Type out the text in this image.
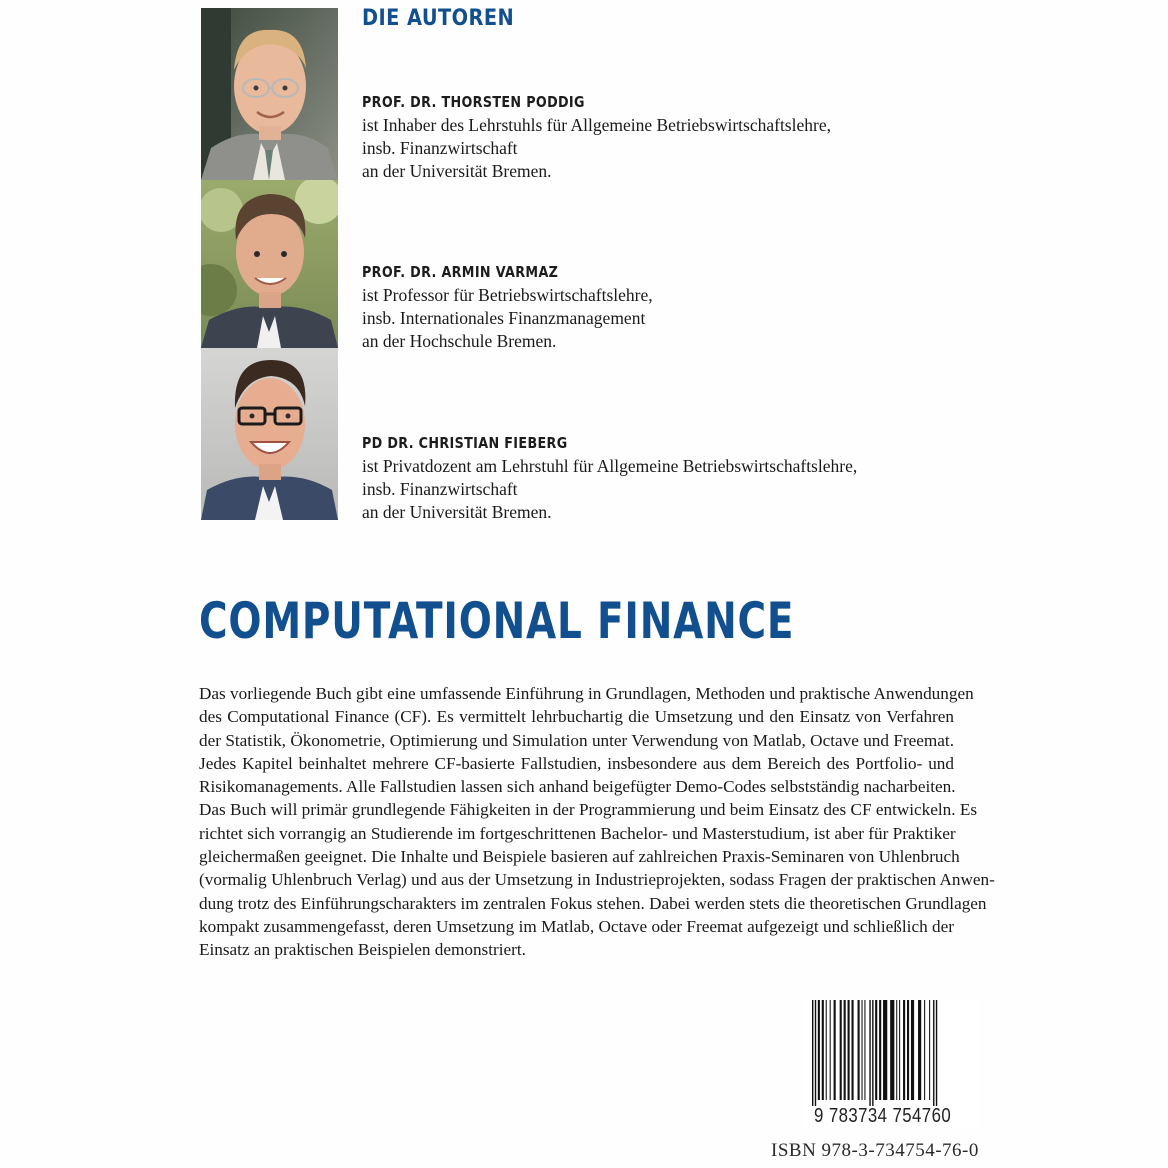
DIE AUTOREN
PROF. DR. THORSTEN PODDIG
ist Inhaber des Lehrstuhls für Allgemeine Betriebswirtschaftslehre,
insb. Finanzwirtschaft
an der Universität Bremen.
PROF. DR. ARMIN VARMAZ
ist Professor für Betriebswirtschaftslehre,
insb. Internationales Finanzmanagement
an der Hochschule Bremen.
PD DR. CHRISTIAN FIEBERG
ist Privatdozent am Lehrstuhl für Allgemeine Betriebswirtschaftslehre,
insb. Finanzwirtschaft
an der Universität Bremen.
COMPUTATIONAL FINANCE
Das vorliegende Buch gibt eine umfassende Einführung in Grundlagen, Methoden und praktische Anwendungen
des Computational Finance (CF). Es vermittelt lehrbuchartig die Umsetzung und den Einsatz von Verfahren
der Statistik, Ökonometrie, Optimierung und Simulation unter Verwendung von Matlab, Octave und Freemat.
Jedes Kapitel beinhaltet mehrere CF-basierte Fallstudien, insbesondere aus dem Bereich des Portfolio- und
Risikomanagements. Alle Fallstudien lassen sich anhand beigefügter Demo-Codes selbstständig nacharbeiten.
Das Buch will primär grundlegende Fähigkeiten in der Programmierung und beim Einsatz des CF entwickeln. Es
richtet sich vorrangig an Studierende im fortgeschrittenen Bachelor- und Masterstudium, ist aber für Praktiker
gleichermaßen geeignet. Die Inhalte und Beispiele basieren auf zahlreichen Praxis-Seminaren von Uhlenbruch
(vormalig Uhlenbruch Verlag) und aus der Umsetzung in Industrieprojekten, sodass Fragen der praktischen Anwen-
dung trotz des Einführungscharakters im zentralen Fokus stehen. Dabei werden stets die theoretischen Grundlagen
kompakt zusammengefasst, deren Umsetzung im Matlab, Octave oder Freemat aufgezeigt und schließlich der
Einsatz an praktischen Beispielen demonstriert.
9 783734 754760
ISBN 978-3-734754-76-0
